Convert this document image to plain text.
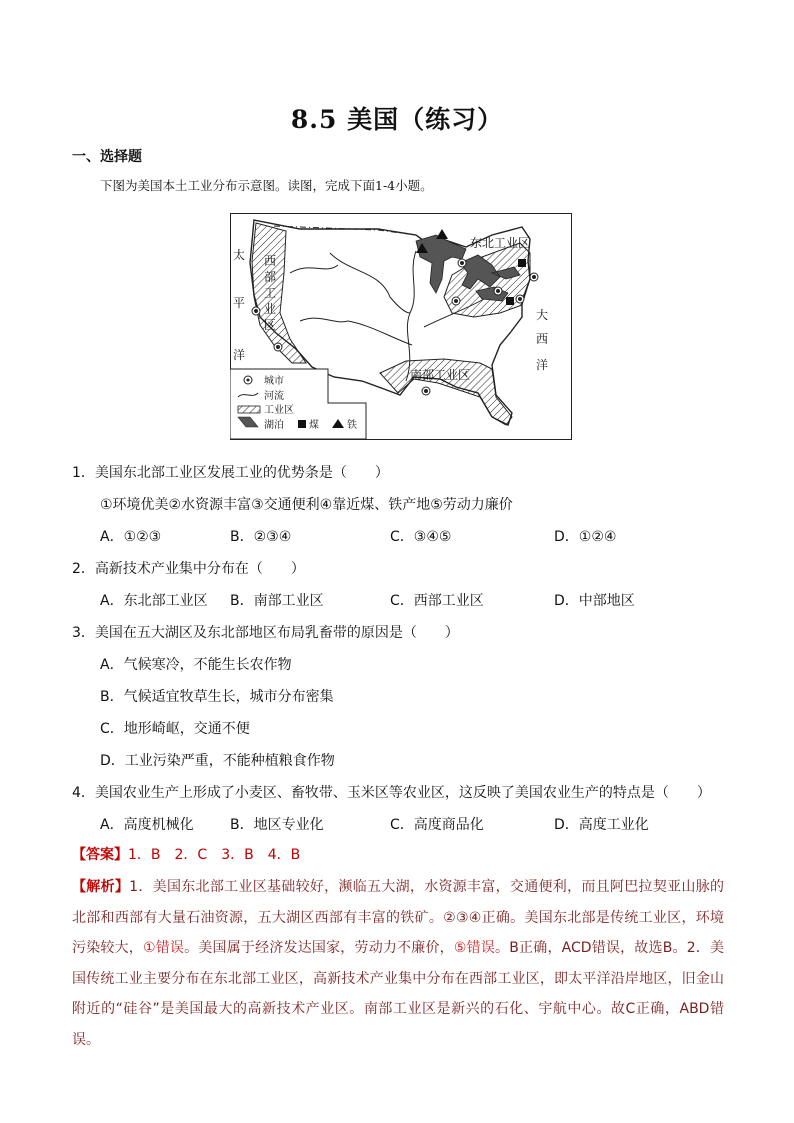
8.5 美国（练习）
一、选择题
下图为美国本土工业分布示意图。读图，完成下面1-4小题。
太
平
洋
西
部
工
业
区
东北工业区
南部工业区
大
西
洋
城市
河流
工业区
湖泊	煤	铁
1．美国东北部工业区发展工业的优势条是（　　）
①环境优美②水资源丰富③交通便利④靠近煤、铁产地⑤劳动力廉价
A．①②③	B．②③④	C．③④⑤	D．①②④
2．高新技术产业集中分布在（　　）
A．东北部工业区 B．南部工业区	C．西部工业区	D．中部地区
3．美国在五大湖区及东北部地区布局乳畜带的原因是（　　）
A．气候寒冷，不能生长农作物
B．气候适宜牧草生长，城市分布密集
C．地形崎岖，交通不便
D．工业污染严重，不能种植粮食作物
4．美国农业生产上形成了小麦区、畜牧带、玉米区等农业区，这反映了美国农业生产的特点是（　　）
A．高度机械化	B．地区专业化	C．高度商品化	D．高度工业化
【答案】1．B　2．C　3．B　4．B
【解析】1．美国东北部工业区基础较好，濒临五大湖，水资源丰富，交通便利，而且阿巴拉契亚山脉的北部和西部有大量石油资源，五大湖区西部有丰富的铁矿。②③④正确。美国东北部是传统工业区，环境污染较大，①错误。美国属于经济发达国家，劳动力不廉价，⑤错误。B正确，ACD错误，故选B。2．美国传统工业主要分布在东北部工业区，高新技术产业集中分布在西部工业区，即太平洋沿岸地区，旧金山附近的“硅谷”是美国最大的高新技术产业区。南部工业区是新兴的石化、宇航中心。故C正确，ABD错误。
